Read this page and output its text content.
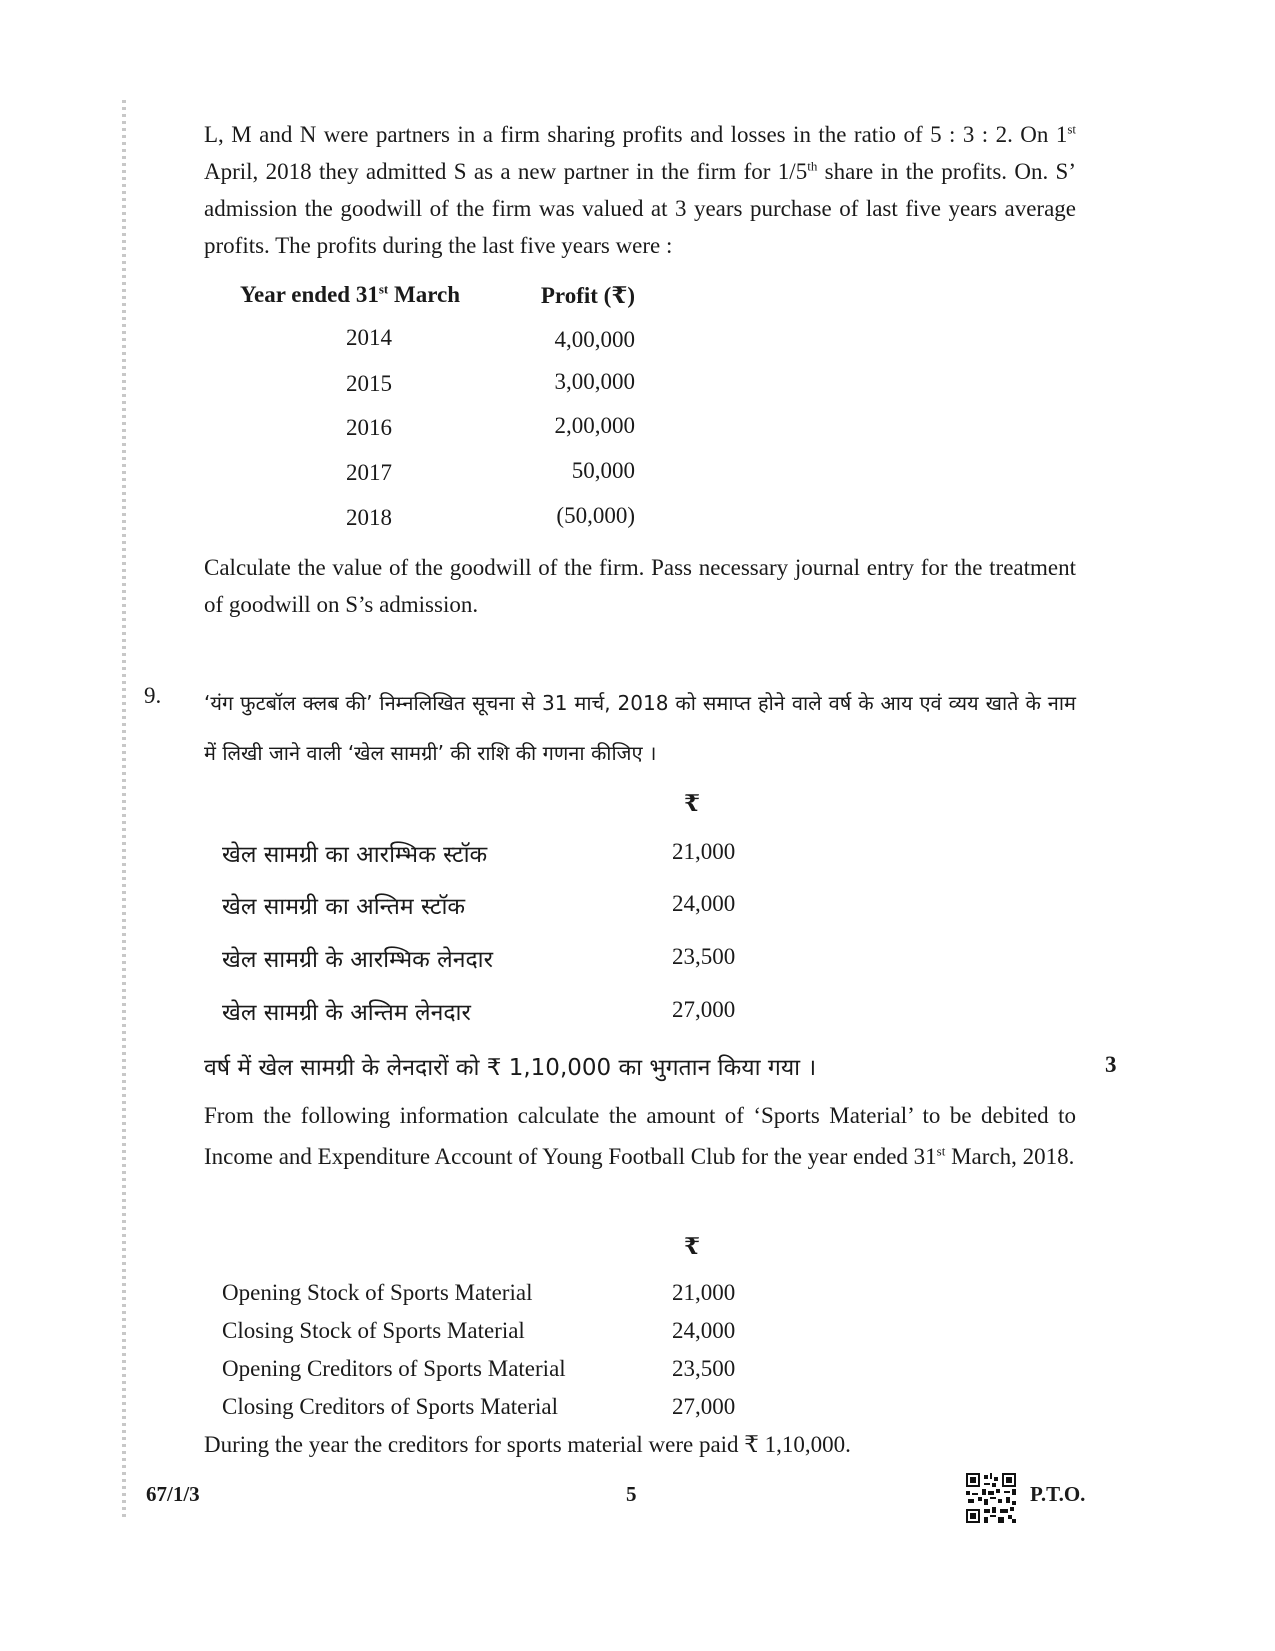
L, M and N were partners in a firm sharing profits and losses in the ratio of 5 : 3 : 2. On 1st April, 2018 they admitted S as a new partner in the firm for 1/5th share in the profits. On. S’ admission the goodwill of the firm was valued at 3 years purchase of last five years average profits. The profits during the last five years were :

Year ended 31st March	Profit (₹)
2014	4,00,000
2015	3,00,000
2016	2,00,000
2017	50,000
2018	(50,000)

Calculate the value of the goodwill of the firm. Pass necessary journal entry for the treatment of goodwill on S’s admission.

9. ‘यंग फुटबॉल क्लब की’ निम्नलिखित सूचना से 31 मार्च, 2018 को समाप्त होने वाले वर्ष के आय एवं व्यय खाते के नाम में लिखी जाने वाली ‘खेल सामग्री’ की राशि की गणना कीजिए ।

₹
खेल सामग्री का आरम्भिक स्टॉक	21,000
खेल सामग्री का अन्तिम स्टॉक	24,000
खेल सामग्री के आरम्भिक लेनदार	23,500
खेल सामग्री के अन्तिम लेनदार	27,000
वर्ष में खेल सामग्री के लेनदारों को ₹ 1,10,000 का भुगतान किया गया ।	3

From the following information calculate the amount of ‘Sports Material’ to be debited to Income and Expenditure Account of Young Football Club for the year ended 31st March, 2018.

₹
Opening Stock of Sports Material	21,000
Closing Stock of Sports Material	24,000
Opening Creditors of Sports Material	23,500
Closing Creditors of Sports Material	27,000
During the year the creditors for sports material were paid ₹ 1,10,000.
67/1/3	5	P.T.O.
